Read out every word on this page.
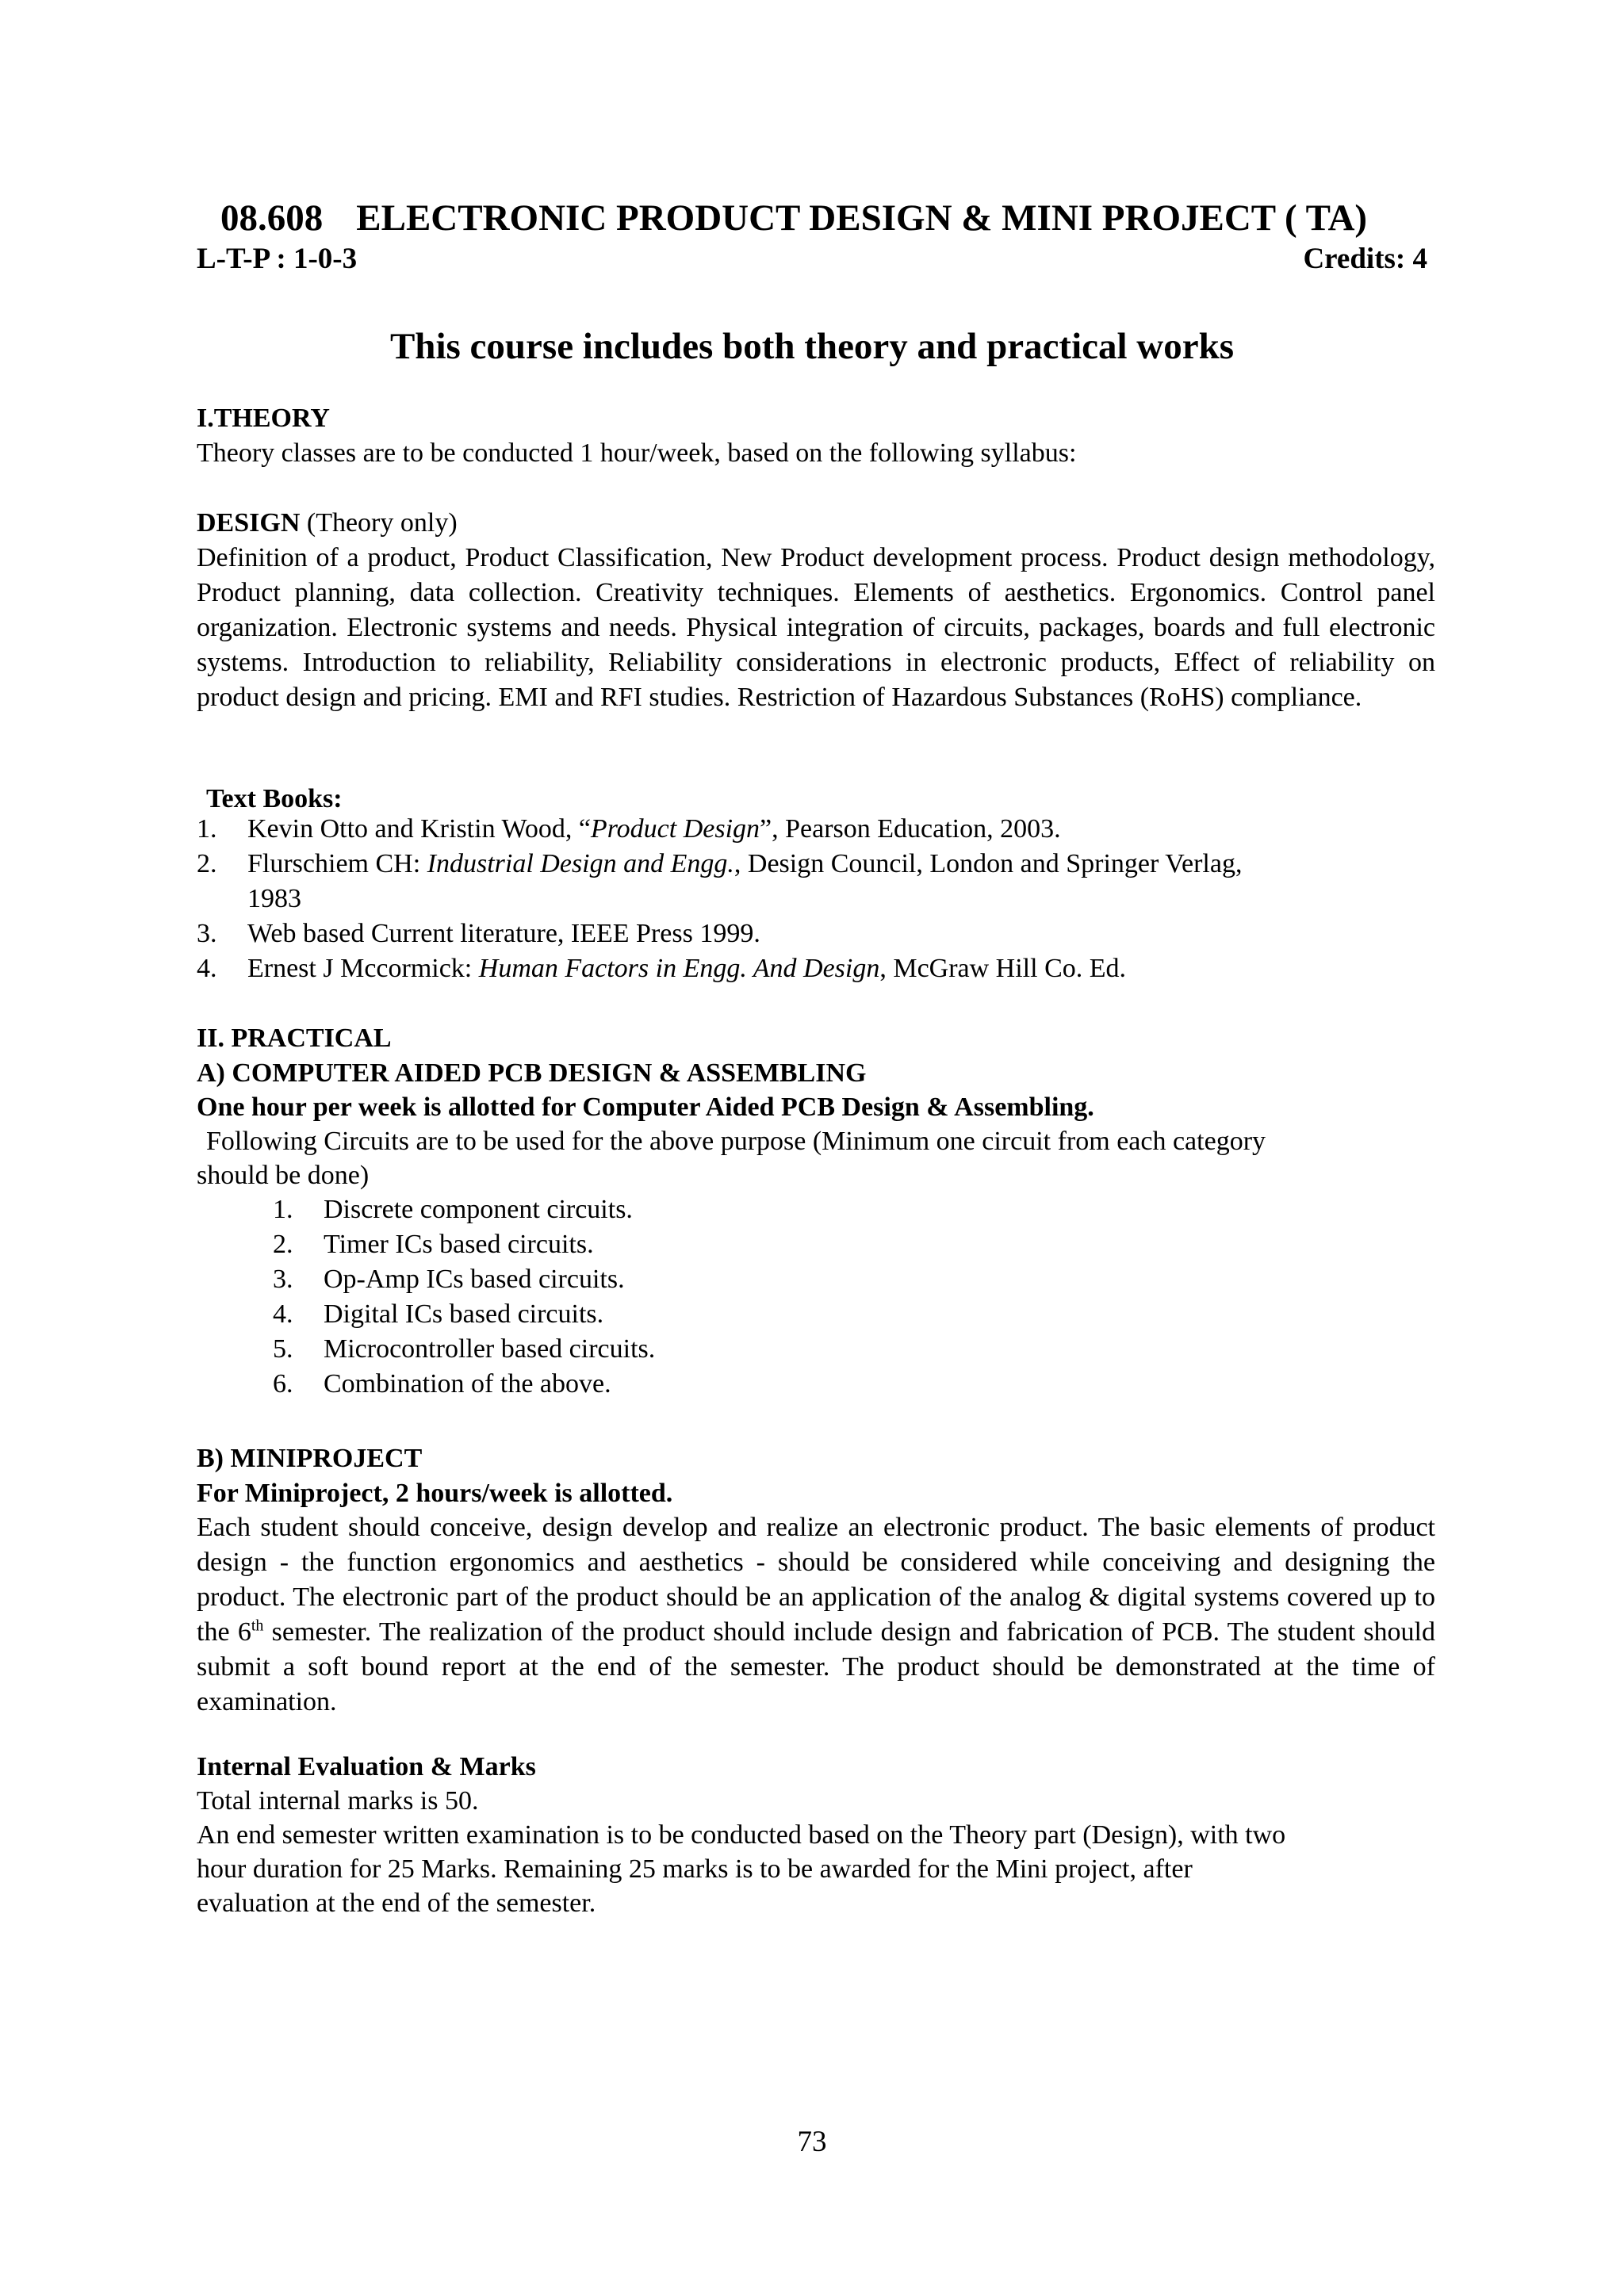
08.608 ELECTRONIC PRODUCT DESIGN & MINI PROJECT ( TA)
L-T-P : 1-0-3	Credits: 4
This course includes both theory and practical works
I.THEORY
Theory classes are to be conducted 1 hour/week, based on the following syllabus:
DESIGN (Theory only)
Definition of a product, Product Classification, New Product development process. Product design methodology, Product planning, data collection. Creativity techniques. Elements of aesthetics. Ergonomics. Control panel organization. Electronic systems and needs. Physical integration of circuits, packages, boards and full electronic systems. Introduction to reliability, Reliability considerations in electronic products, Effect of reliability on product design and pricing. EMI and RFI studies. Restriction of Hazardous Substances (RoHS) compliance.
Text Books:
1. Kevin Otto and Kristin Wood, “Product Design”, Pearson Education, 2003.
2. Flurschiem CH: Industrial Design and Engg., Design Council, London and Springer Verlag,
1983
3. Web based Current literature, IEEE Press 1999.
4. Ernest J Mccormick: Human Factors in Engg. And Design, McGraw Hill Co. Ed.
II. PRACTICAL
A) COMPUTER AIDED PCB DESIGN & ASSEMBLING
One hour per week is allotted for Computer Aided PCB Design & Assembling.
Following Circuits are to be used for the above purpose (Minimum one circuit from each category
should be done)
1. Discrete component circuits.
2. Timer ICs based circuits.
3. Op-Amp ICs based circuits.
4. Digital ICs based circuits.
5. Microcontroller based circuits.
6. Combination of the above.
B) MINIPROJECT
For Miniproject, 2 hours/week is allotted.
Each student should conceive, design develop and realize an electronic product. The basic elements of product design - the function ergonomics and aesthetics - should be considered while conceiving and designing the product. The electronic part of the product should be an application of the analog & digital systems covered up to the 6th semester. The realization of the product should include design and fabrication of PCB. The student should submit a soft bound report at the end of the semester. The product should be demonstrated at the time of examination.
Internal Evaluation & Marks
Total internal marks is 50.
An end semester written examination is to be conducted based on the Theory part (Design), with two
hour duration for 25 Marks. Remaining 25 marks is to be awarded for the Mini project, after
evaluation at the end of the semester.
73
